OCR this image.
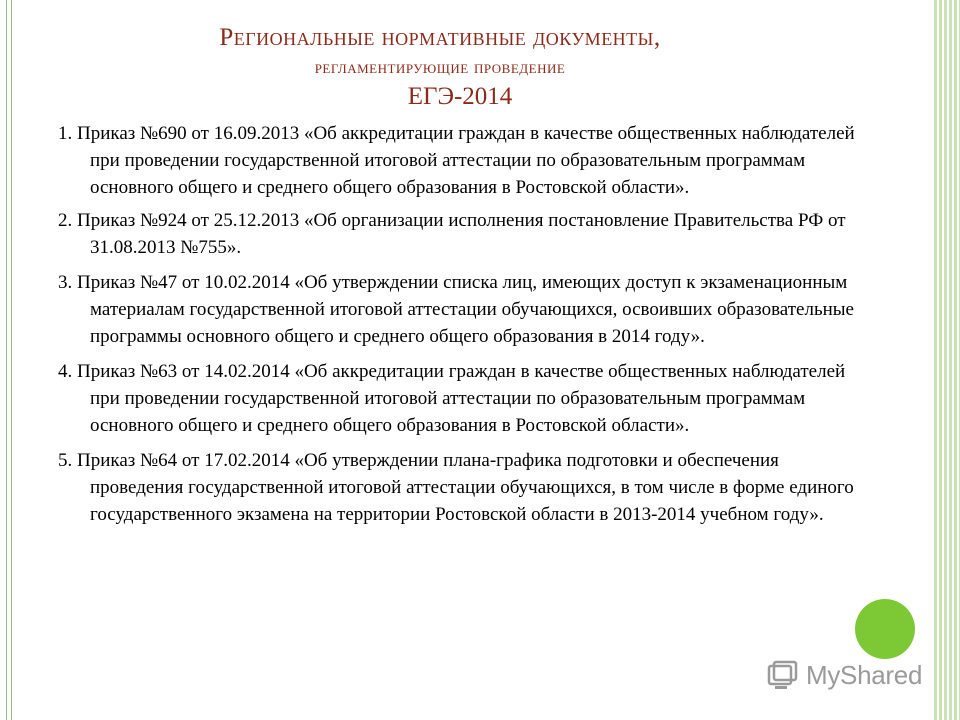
Региональные нормативные документы,
регламентирующие проведение
ЕГЭ-2014
1. Приказ №690 от 16.09.2013 «Об аккредитации граждан в качестве общественных наблюдателей при проведении государственной итоговой аттестации по образовательным программам основного общего и среднего общего образования в Ростовской области».
2. Приказ №924 от 25.12.2013 «Об организации исполнения постановление Правительства РФ от 31.08.2013 №755».
3. Приказ №47 от 10.02.2014 «Об утверждении списка лиц, имеющих доступ к экзаменационным материалам государственной итоговой аттестации обучающихся, освоивших образовательные программы основного общего и среднего общего образования в 2014 году».
4. Приказ №63 от 14.02.2014 «Об аккредитации граждан в качестве общественных наблюдателей при проведении государственной итоговой аттестации по образовательным программам основного общего и среднего общего образования в Ростовской области».
5. Приказ №64 от 17.02.2014 «Об утверждении плана-графика подготовки и обеспечения проведения государственной итоговой аттестации обучающихся, в том числе в форме единого государственного экзамена на территории Ростовской области в 2013-2014 учебном году».
MyShared
